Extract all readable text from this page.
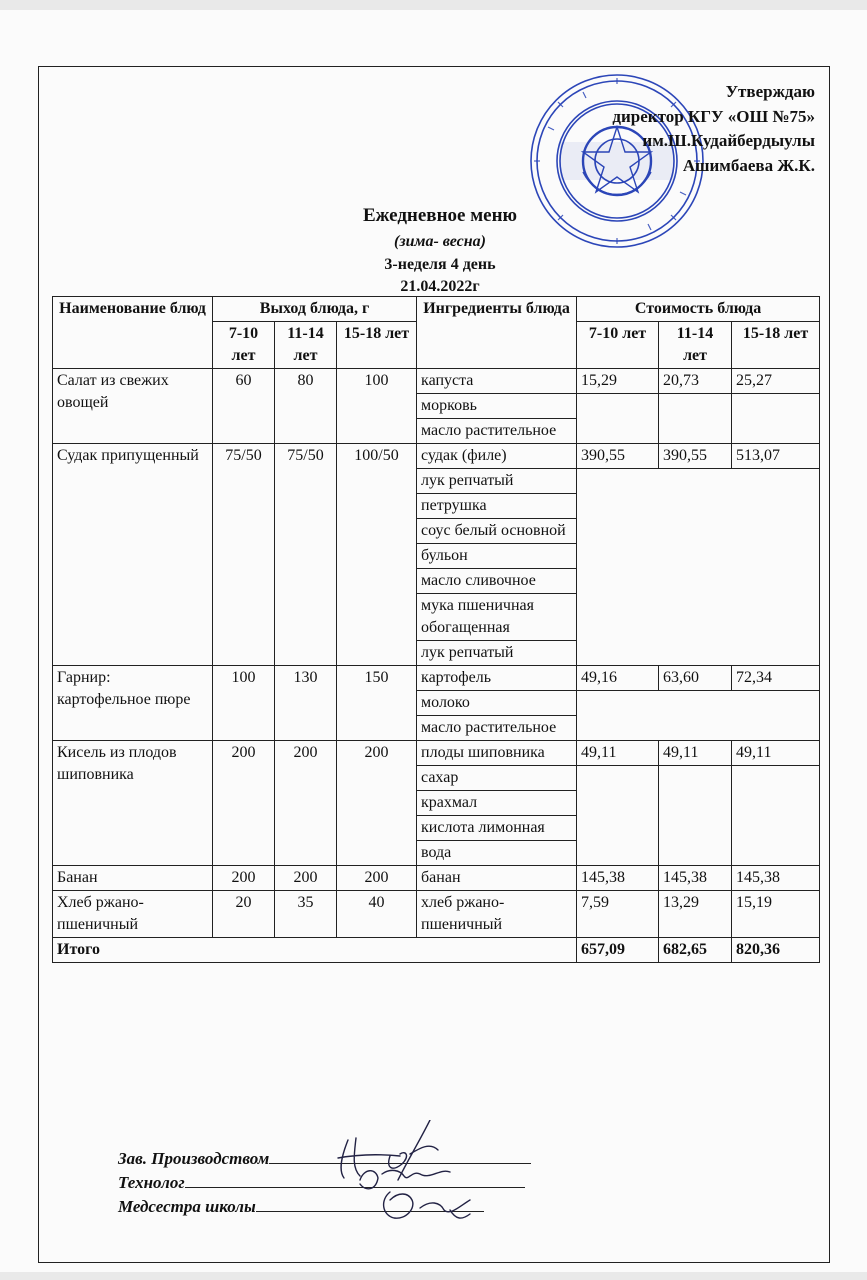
Утверждаю
директор КГУ «ОШ №75»
им.Ш.Кудайбердыулы
Ашимбаева Ж.К.
Ежедневное меню
(зима- весна)
3-неделя 4 день
21.04.2022г
Наименование блюд	Выход блюда, г			Ингредиенты блюда	Стоимость блюда		
	7-10 лет	11-14 лет	15-18 лет				
					7-10 лет	11-14 лет	15-18 лет
Салат из свежих овощей	60	80	100	капуста	15,29	20,73	25,27
				морковь			
				масло растительное			
Судак припущенный	75/50	75/50	100/50	судак (филе)	390,55	390,55	513,07
				лук репчатый			
				петрушка			
				соус белый основной			
				бульон			
				масло сливочное			
				мука пшеничная обогащенная			
				лук репчатый			
Гарнир: картофельное пюре	100	130	150	картофель	49,16	63,60	72,34
				молоко			
				масло растительное			
Кисель из плодов шиповника	200	200	200	плоды шиповника	49,11	49,11	49,11
				сахар			
				крахмал			
				кислота лимонная			
				вода			
Банан	200	200	200	банан	145,38	145,38	145,38
Хлеб ржано-пшеничный	20	35	40	хлеб ржано-пшеничный	7,59	13,29	15,19
Итого					657,09	682,65	820,36
Зав. Производством
Технолог
Медсестра школы
